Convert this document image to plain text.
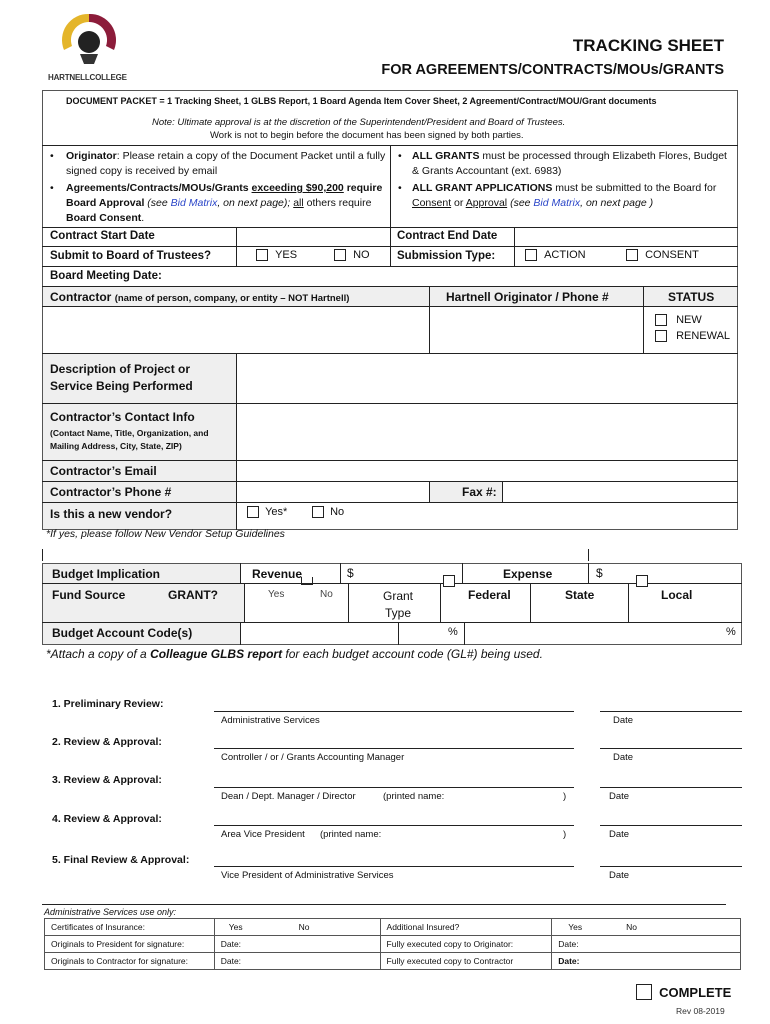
HARTNELLCOLLEGE
TRACKING SHEET
FOR AGREEMENTS/CONTRACTS/MOUs/GRANTS
DOCUMENT PACKET = 1 Tracking Sheet, 1 GLBS Report, 1 Board Agenda Item Cover Sheet, 2 Agreement/Contract/MOU/Grant documents
Note: Ultimate approval is at the discretion of the Superintendent/President and Board of Trustees.
Work is not to begin before the document has been signed by both parties.
•	Originator: Please retain a copy of the Document Packet until a fully signed copy is received by email
•	Agreements/Contracts/MOUs/Grants exceeding $90,200 require Board Approval (see Bid Matrix, on next page); all others require Board Consent.
• ALL GRANTS must be processed through Elizabeth Flores, Budget & Grants Accountant (ext. 6983)
• ALL GRANT APPLICATIONS must be submitted to the Board for Consent or Approval (see Bid Matrix, on next page )
Contract Start Date	Contract End Date
Submit to Board of Trustees?	YES	NO Submission Type:	ACTION	CONSENT
Board Meeting Date:
Contractor (name of person, company, or entity – NOT Hartnell)	Hartnell Originator / Phone #	STATUS
NEW
RENEWAL
Description of Project or Service Being Performed
Contractor’s Contact Info
(Contact Name, Title, Organization, and Mailing Address, City, State, ZIP)
Contractor’s Email
Contractor’s Phone #	Fax #:
Is this a new vendor?	Yes*	No
*If yes, please follow New Vendor Setup Guidelines
Budget Implication	Revenue	$	Expense	$
Fund Source	GRANT?	Yes	No	Grant Type
Federal	State	Local
Budget Account Code(s)	%	%
*Attach a copy of a Colleague GLBS report for each budget account code (GL#) being used.
1. Preliminary Review:
Administrative Services	Date
2. Review & Approval:
Controller / or / Grants Accounting Manager	Date
3. Review & Approval:
Dean / Dept. Manager / Director	(printed name:	)	Date
4. Review & Approval:
Area Vice President (printed name:	)	Date
5. Final Review & Approval:
Vice President of Administrative Services	Date
Administrative Services use only:
Certificates of Insurance:	Yes No	Additional Insured?	Yes No
Originals to President for signature:	Date:	Fully executed copy to Originator:	Date:
Originals to Contractor for signature:	Date:	Fully executed copy to Contractor	Date:
COMPLETE
Rev 08-2019
